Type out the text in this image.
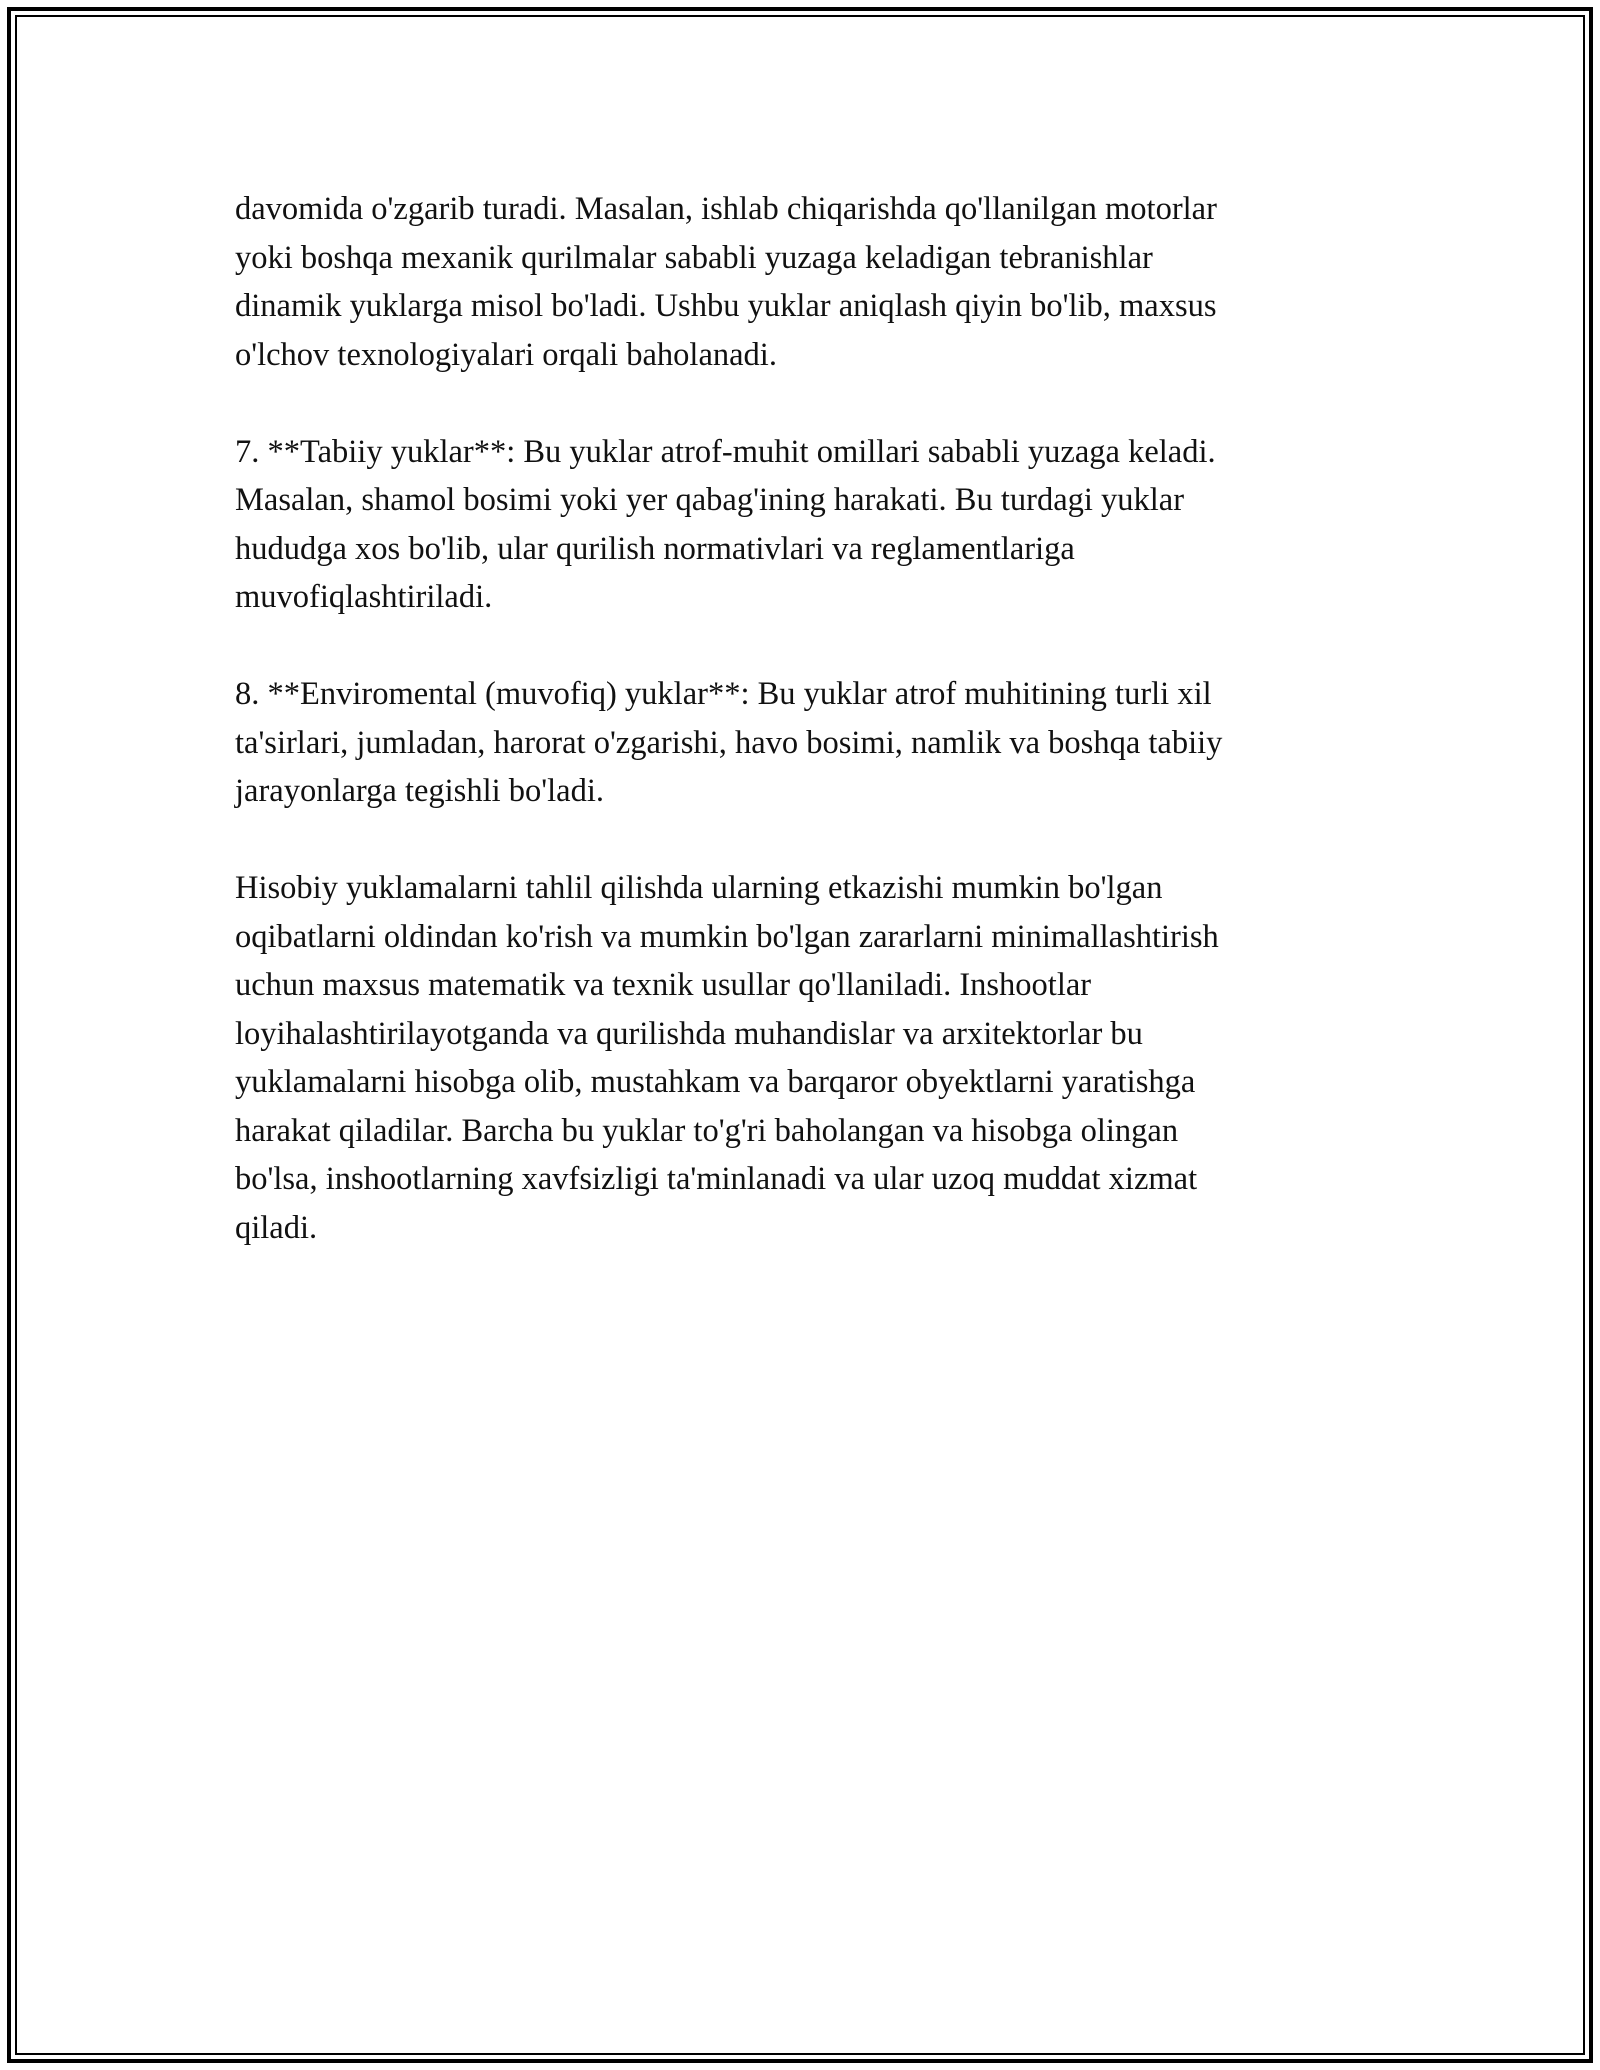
davomida o'zgarib turadi. Masalan, ishlab chiqarishda qo'llanilgan motorlar
yoki boshqa mexanik qurilmalar sababli yuzaga keladigan tebranishlar
dinamik yuklarga misol bo'ladi. Ushbu yuklar aniqlash qiyin bo'lib, maxsus
o'lchov texnologiyalari orqali baholanadi.

7. **Tabiiy yuklar**: Bu yuklar atrof-muhit omillari sababli yuzaga keladi.
Masalan, shamol bosimi yoki yer qabag'ining harakati. Bu turdagi yuklar
hududga xos bo'lib, ular qurilish normativlari va reglamentlariga
muvofiqlashtiriladi.

8. **Enviromental (muvofiq) yuklar**: Bu yuklar atrof muhitining turli xil
ta'sirlari, jumladan, harorat o'zgarishi, havo bosimi, namlik va boshqa tabiiy
jarayonlarga tegishli bo'ladi.

Hisobiy yuklamalarni tahlil qilishda ularning etkazishi mumkin bo'lgan
oqibatlarni oldindan ko'rish va mumkin bo'lgan zararlarni minimallashtirish
uchun maxsus matematik va texnik usullar qo'llaniladi. Inshootlar
loyihalashtirilayotganda va qurilishda muhandislar va arxitektorlar bu
yuklamalarni hisobga olib, mustahkam va barqaror obyektlarni yaratishga
harakat qiladilar. Barcha bu yuklar to'g'ri baholangan va hisobga olingan
bo'lsa, inshootlarning xavfsizligi ta'minlanadi va ular uzoq muddat xizmat
qiladi.
